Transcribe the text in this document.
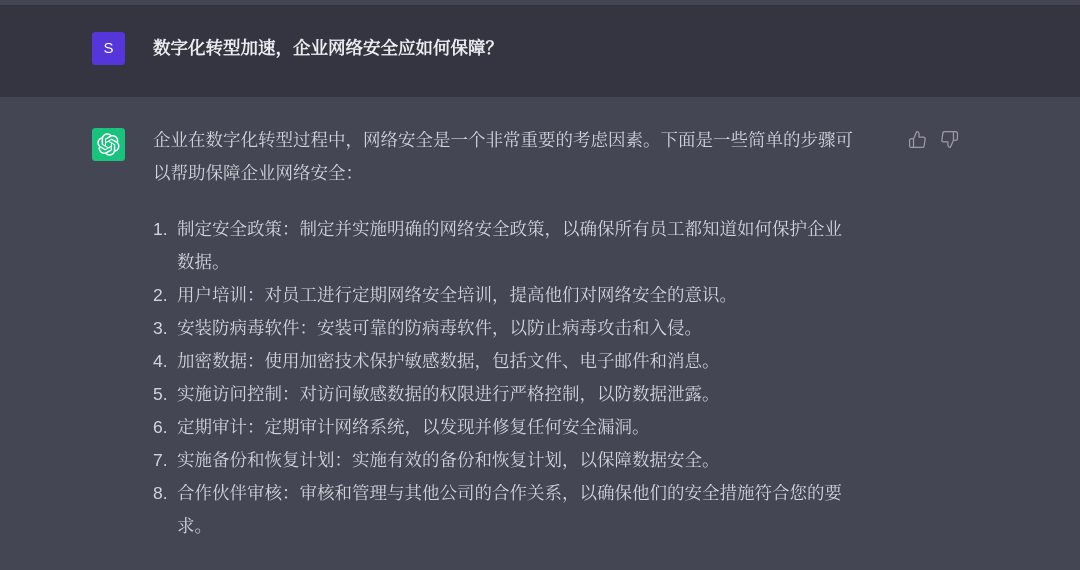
S 数字化转型加速，企业网络安全应如何保障？

企业在数字化转型过程中，网络安全是一个非常重要的考虑因素。下面是一些简单的步骤可以帮助保障企业网络安全：

1. 制定安全政策：制定并实施明确的网络安全政策，以确保所有员工都知道如何保护企业数据。
2. 用户培训：对员工进行定期网络安全培训，提高他们对网络安全的意识。
3. 安装防病毒软件：安装可靠的防病毒软件，以防止病毒攻击和入侵。
4. 加密数据：使用加密技术保护敏感数据，包括文件、电子邮件和消息。
5. 实施访问控制：对访问敏感数据的权限进行严格控制，以防数据泄露。
6. 定期审计：定期审计网络系统，以发现并修复任何安全漏洞。
7. 实施备份和恢复计划：实施有效的备份和恢复计划，以保障数据安全。
8. 合作伙伴审核：审核和管理与其他公司的合作关系，以确保他们的安全措施符合您的要求。
